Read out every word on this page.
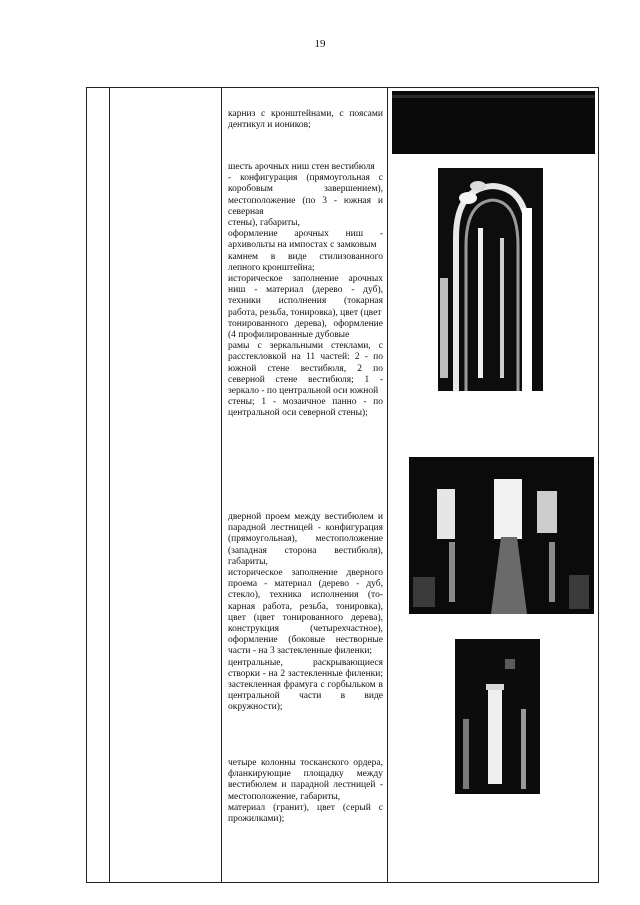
19

карниз с кронштейнами, с поясами дентикул и иоников;

шесть арочных ниш стен вестибюля
- конфигурация (прямоугольная с коробовым завершением), местоположение (по 3 - южная и северная
стены), габариты,
оформление арочных ниш - архивольты на импостах с замковым
камнем в виде стилизованного лепного кронштейна;
историческое заполнение арочных ниш - материал (дерево - дуб), техники исполнения (токарная работа, резьба, тонировка), цвет (цвет
тонированного дерева), оформление (4 профилированные дубовые
рамы с зеркальными стеклами, с расстекловкой на 11 частей: 2 - по южной стене вестибюля, 2 по северной стене вестибюля; 1 - зеркало - по центральной оси южной
стены; 1 - мозаичное панно - по центральной оси северной стены);

дверной проем между вестибюлем и парадной лестницей - конфигурация (прямоугольная), местоположение (западная сторона вестибюля), габариты,
историческое заполнение дверного проема - материал (дерево - дуб, стекло), техника исполнения (то-карная работа, резьба, тонировка), цвет (цвет тонированного дерева), конструкция (четырехчастное), оформление (боковые неcтворные части - на 3 застекленные филенки;
центральные, раскрывающиеся створки - на 2 застекленные филенки; застекленная фрамуга с горбыльком в центральной части в виде окружности);

четыре колонны тосканского ордера, фланкирующие площадку между вестибюлем и парадной лестницей - местоположение, габариты,
материал (гранит), цвет (серый с прожилками);
